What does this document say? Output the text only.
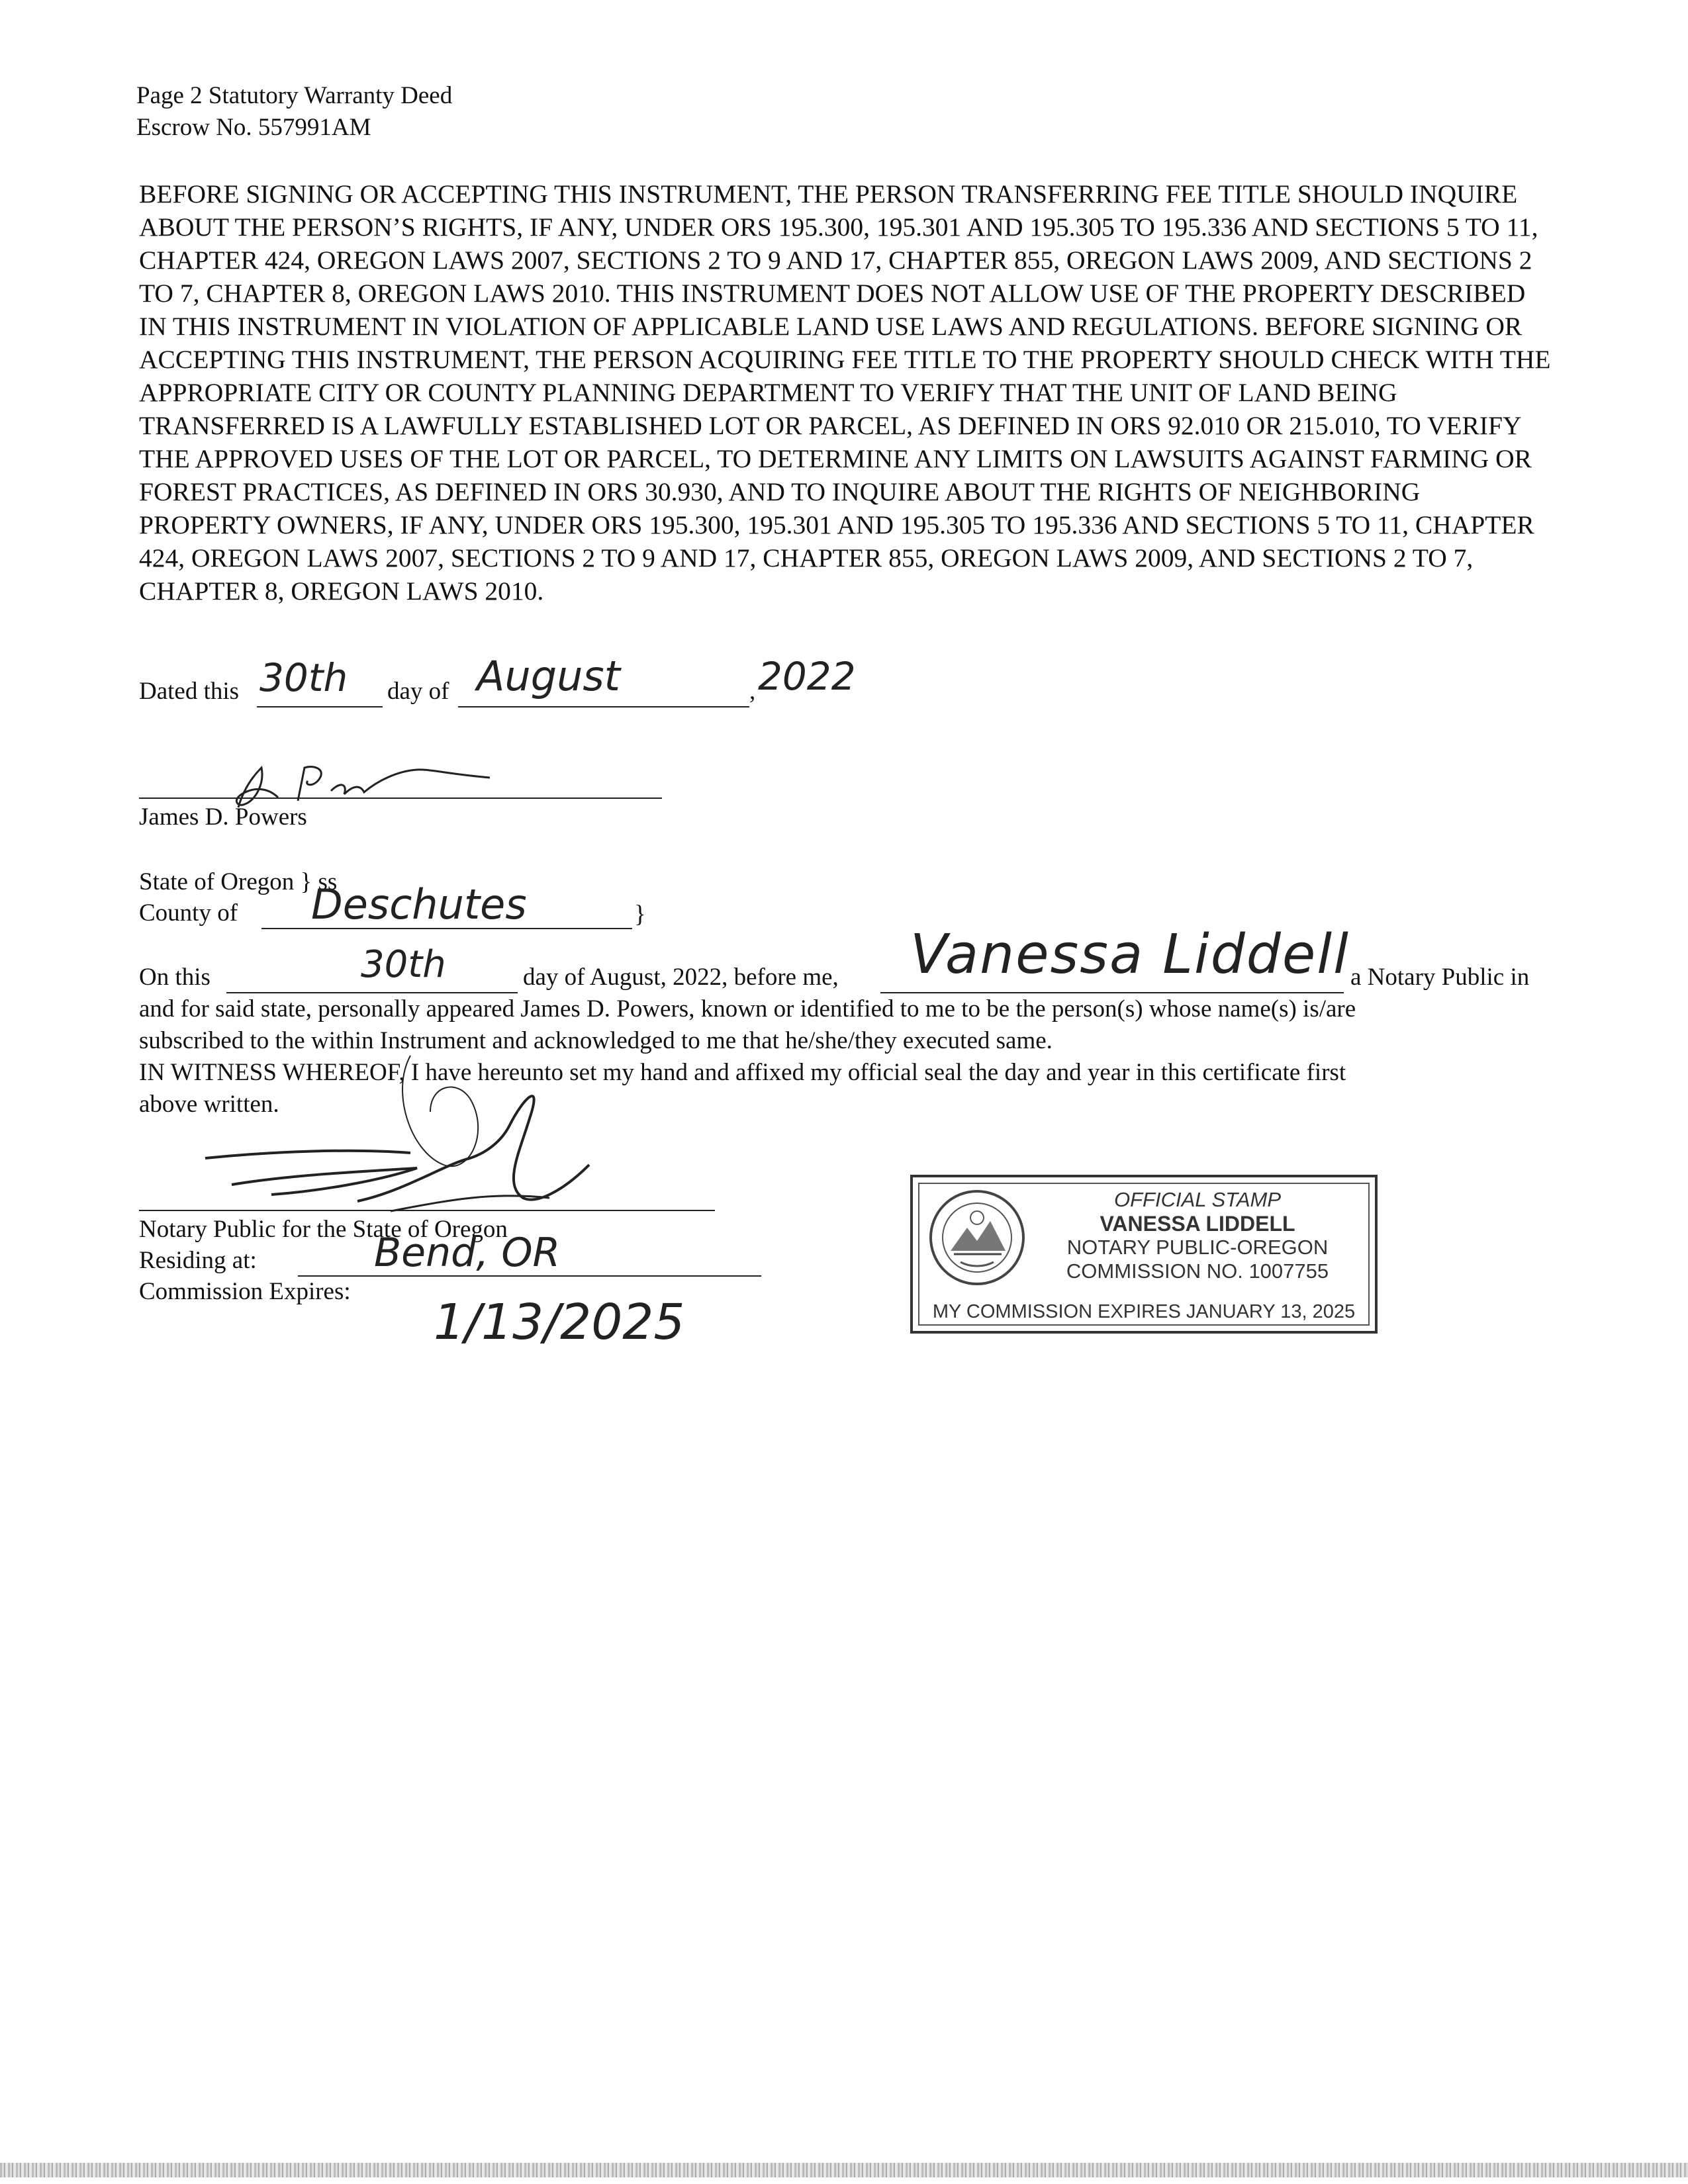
Page 2 Statutory Warranty Deed
Escrow No. 557991AM
BEFORE SIGNING OR ACCEPTING THIS INSTRUMENT, THE PERSON TRANSFERRING FEE TITLE SHOULD INQUIRE ABOUT THE PERSON’S RIGHTS, IF ANY, UNDER ORS 195.300, 195.301 AND 195.305 TO 195.336 AND SECTIONS 5 TO 11, CHAPTER 424, OREGON LAWS 2007, SECTIONS 2 TO 9 AND 17, CHAPTER 855, OREGON LAWS 2009, AND SECTIONS 2 TO 7, CHAPTER 8, OREGON LAWS 2010. THIS INSTRUMENT DOES NOT ALLOW USE OF THE PROPERTY DESCRIBED IN THIS INSTRUMENT IN VIOLATION OF APPLICABLE LAND USE LAWS AND REGULATIONS. BEFORE SIGNING OR ACCEPTING THIS INSTRUMENT, THE PERSON ACQUIRING FEE TITLE TO THE PROPERTY SHOULD CHECK WITH THE APPROPRIATE CITY OR COUNTY PLANNING DEPARTMENT TO VERIFY THAT THE UNIT OF LAND BEING TRANSFERRED IS A LAWFULLY ESTABLISHED LOT OR PARCEL, AS DEFINED IN ORS 92.010 OR 215.010, TO VERIFY THE APPROVED USES OF THE LOT OR PARCEL, TO DETERMINE ANY LIMITS ON LAWSUITS AGAINST FARMING OR FOREST PRACTICES, AS DEFINED IN ORS 30.930, AND TO INQUIRE ABOUT THE RIGHTS OF NEIGHBORING PROPERTY OWNERS, IF ANY, UNDER ORS 195.300, 195.301 AND 195.305 TO 195.336 AND SECTIONS 5 TO 11, CHAPTER 424, OREGON LAWS 2007, SECTIONS 2 TO 9 AND 17, CHAPTER 855, OREGON LAWS 2009, AND SECTIONS 2 TO 7, CHAPTER 8, OREGON LAWS 2010.
Dated this 30th day of August	, 2022
James D. Powers
State of Oregon } ss
County of Deschutes	}
On this	30th	day of August, 2022, before me, Vanessa Liddell a Notary Public in
and for said state, personally appeared James D. Powers, known or identified to me to be the person(s) whose name(s) is/are
subscribed to the within Instrument and acknowledged to me that he/she/they executed same.
IN WITNESS WHEREOF, I have hereunto set my hand and affixed my official seal the day and year in this certificate first
above written.
Notary Public for the State of Oregon
Residing at:	Bend, OR
Commission Expires:
1/13/2025
OFFICIAL STAMP
VANESSA LIDDELL
NOTARY PUBLIC-OREGON
COMMISSION NO. 1007755
MY COMMISSION EXPIRES JANUARY 13, 2025
